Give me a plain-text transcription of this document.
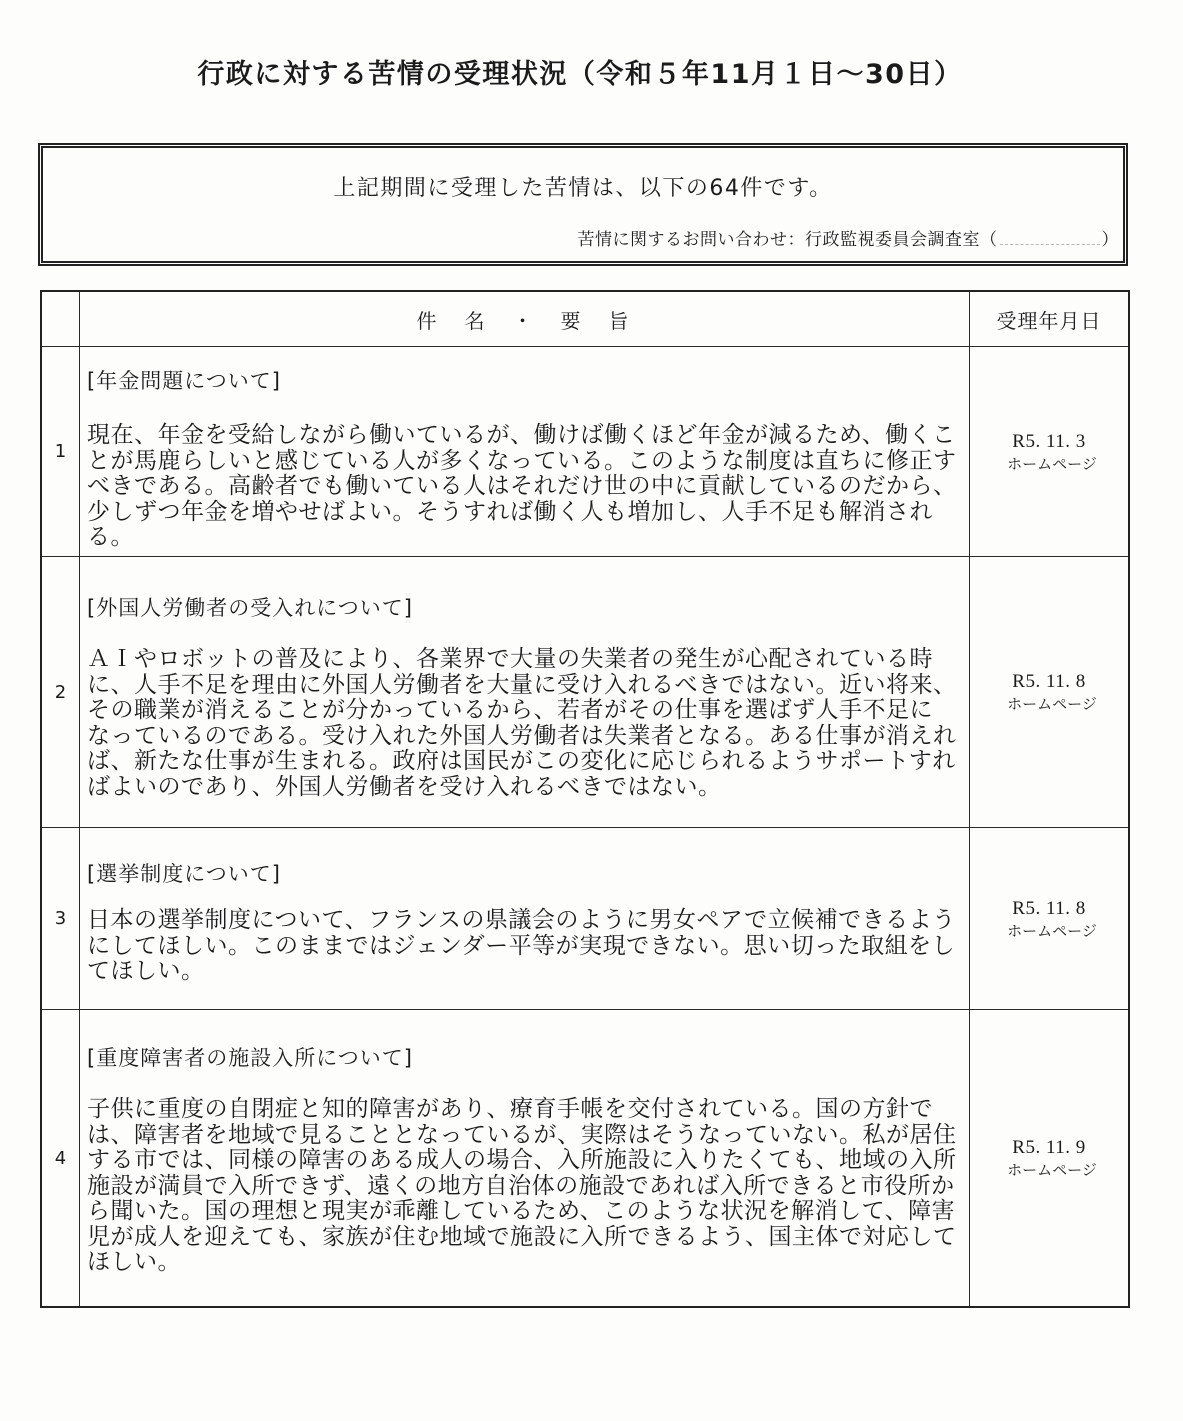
行政に対する苦情の受理状況（令和５年11月１日～30日）
上記期間に受理した苦情は、以下の64件です。
苦情に関するお問い合わせ：行政監視委員会調査室（	）
件　名　・　要　旨	受理年月日
1
[年金問題について]
現在、年金を受給しながら働いているが、働けば働くほど年金が減るため、働くこ
とが馬鹿らしいと感じている人が多くなっている。このような制度は直ちに修正す
べきである。高齢者でも働いている人はそれだけ世の中に貢献しているのだから、
少しずつ年金を増やせばよい。そうすれば働く人も増加し、人手不足も解消され
る。
R5. 11. 3
ホームページ
2
[外国人労働者の受入れについて]
ＡＩやロボットの普及により、各業界で大量の失業者の発生が心配されている時
に、人手不足を理由に外国人労働者を大量に受け入れるべきではない。近い将来、
その職業が消えることが分かっているから、若者がその仕事を選ばず人手不足に
なっているのである。受け入れた外国人労働者は失業者となる。ある仕事が消えれ
ば、新たな仕事が生まれる。政府は国民がこの変化に応じられるようサポートすれ
ばよいのであり、外国人労働者を受け入れるべきではない。
R5. 11. 8
ホームページ
3
[選挙制度について]
日本の選挙制度について、フランスの県議会のように男女ペアで立候補できるよう
にしてほしい。このままではジェンダー平等が実現できない。思い切った取組をし
てほしい。
R5. 11. 8
ホームページ
4
[重度障害者の施設入所について]
子供に重度の自閉症と知的障害があり、療育手帳を交付されている。国の方針で
は、障害者を地域で見ることとなっているが、実際はそうなっていない。私が居住
する市では、同様の障害のある成人の場合、入所施設に入りたくても、地域の入所
施設が満員で入所できず、遠くの地方自治体の施設であれば入所できると市役所か
ら聞いた。国の理想と現実が乖離しているため、このような状況を解消して、障害
児が成人を迎えても、家族が住む地域で施設に入所できるよう、国主体で対応して
ほしい。
R5. 11. 9
ホームページ
